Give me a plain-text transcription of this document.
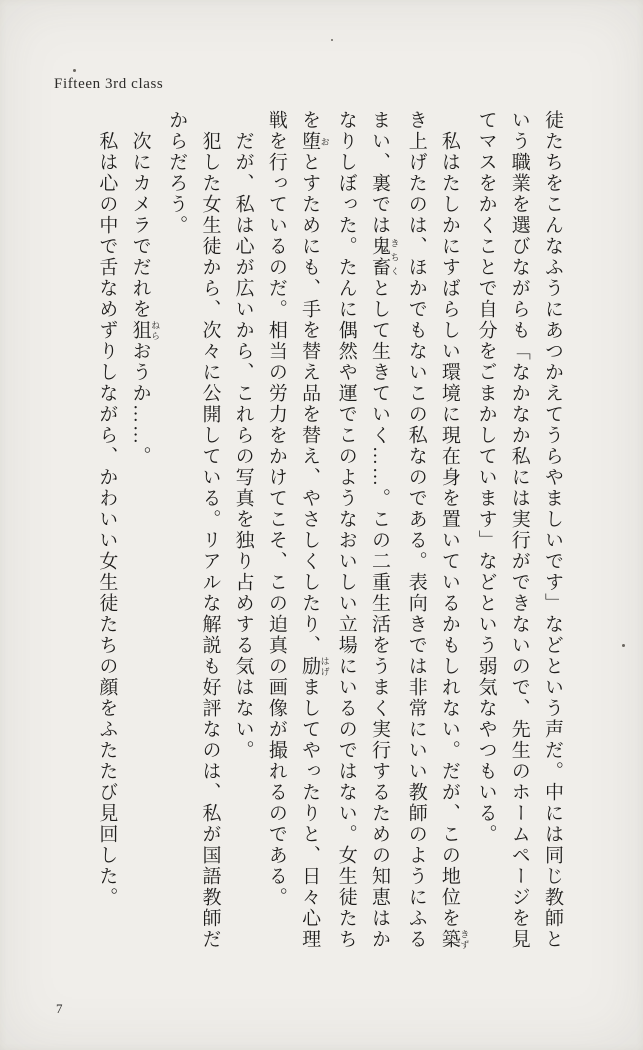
Fifteen 3rd class
徒たちをこんなふうにあつかえてうらやましいです」などという声だ。中には同じ教師と
いう職業を選びながらも「なかなか私には実行ができないので、先生のホームページを見
てマスをかくことで自分をごまかしています」などという弱気なやつもいる。
私はたしかにすばらしい環境に現在身を置いているかもしれない。だが、この地位を築 きず
き上げたのは、ほかでもないこの私なのである。表向きでは非常にいい教師のようにふる
まい、裏では鬼畜 きちくとして生きていく……。この二重生活をうまく実行するための知恵はか
なりしぼった。たんに偶然や運でこのようなおいしい立場にいるのではない。女生徒たち
を堕 おとすためにも、手を替え品を替え、やさしくしたり、励 はげましてやったりと、日々心理
戦を行っているのだ。相当の労力をかけてこそ、この迫真の画像が撮れるのである。
だが、私は心が広いから、これらの写真を独り占めする気はない。
犯した女生徒から、次々に公開している。リアルな解説も好評なのは、私が国語教師だ
からだろう。
次にカメラでだれを狙 ねらおうか……。
私は心の中で舌なめずりしながら、かわいい女生徒たちの顔をふたたび見回した。
7
